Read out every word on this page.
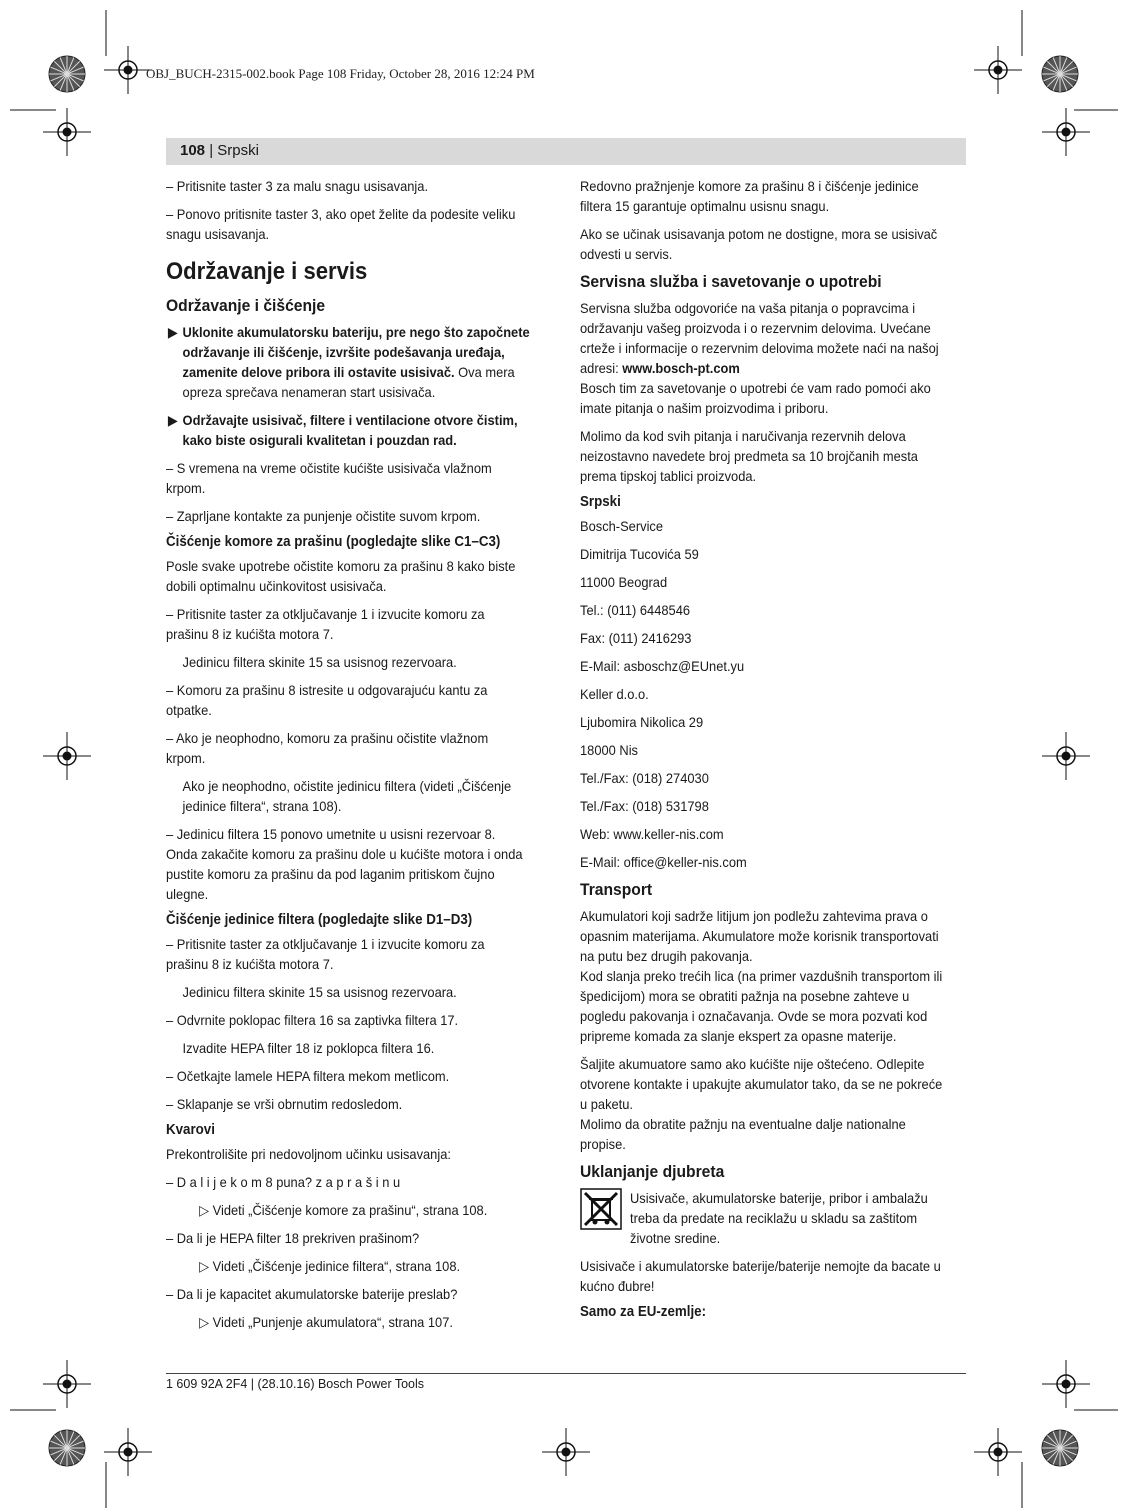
OBJ_BUCH-2315-002.book Page 108 Friday, October 28, 2016 12:24 PM
108 | Srpski
– Pritisnite taster 3 za malu snagu usisavanja.
– Ponovo pritisnite taster 3, ako opet želite da podesite veliku
snagu usisavanja.
Održavanje i servis
Održavanje i čišćenje
▶ Uklonite akumulatorsku bateriju, pre nego što započnete
održavanje ili čišćenje, izvršite podešavanja uređaja,
zamenite delove pribora ili ostavite usisivač. Ova mera
opreza sprečava nenameran start usisivača.
▶ Održavajte usisivač, filtere i ventilacione otvore čistim,
kako biste osigurali kvalitetan i pouzdan rad.
– S vremena na vreme očistite kućište usisivača vlažnom
krpom.
– Zaprljane kontakte za punjenje očistite suvom krpom.
Čišćenje komore za prašinu (pogledajte slike C1–C3)
Posle svake upotrebe očistite komoru za prašinu 8 kako biste
dobili optimalnu učinkovitost usisivača.
– Pritisnite taster za otključavanje 1 i izvucite komoru za
prašinu 8 iz kućišta motora 7.
Jedinicu filtera skinite 15 sa usisnog rezervoara.
– Komoru za prašinu 8 istresite u odgovarajuću kantu za
otpatke.
– Ako je neophodno, komoru za prašinu očistite vlažnom
krpom.
Ako je neophodno, očistite jedinicu filtera (videti „Čišćenje
jedinice filtera“, strana 108).
– Jedinicu filtera 15 ponovo umetnite u usisni rezervoar 8.
Onda zakačite komoru za prašinu dole u kućište motora i onda
pustite komoru za prašinu da pod laganim pritiskom čujno
ulegne.
Čišćenje jedinice filtera (pogledajte slike D1–D3)
– Pritisnite taster za otključavanje 1 i izvucite komoru za
prašinu 8 iz kućišta motora 7.
Jedinicu filtera skinite 15 sa usisnog rezervoara.
– Odvrnite poklopac filtera 16 sa zaptivka filtera 17.
Izvadite HEPA filter 18 iz poklopca filtera 16.
– Očetkajte lamele HEPA filtera mekom metlicom.
– Sklapanje se vrši obrnutim redosledom.
Kvarovi
Prekontrolišite pri nedovoljnom učinku usisavanja:
– D a l i j e k o m 8 puna? z a p r a š i n u
▷ Videti „Čišćenje komore za prašinu“, strana 108.
– Da li je HEPA filter 18 prekriven prašinom?
▷ Videti „Čišćenje jedinice filtera“, strana 108.
– Da li je kapacitet akumulatorske baterije preslab?
▷ Videti „Punjenje akumulatora“, strana 107.
Redovno pražnjenje komore za prašinu 8 i čišćenje jedinice
filtera 15 garantuje optimalnu usisnu snagu.
Ako se učinak usisavanja potom ne dostigne, mora se usisivač
odvesti u servis.
Servisna služba i savetovanje o upotrebi
Servisna služba odgovoriće na vaša pitanja o popravcima i
održavanju vašeg proizvoda i o rezervnim delovima. Uvećane
crteže i informacije o rezervnim delovima možete naći na našoj
adresi: www.bosch-pt.com
Bosch tim za savetovanje o upotrebi će vam rado pomoći ako
imate pitanja o našim proizvodima i priboru.
Molimo da kod svih pitanja i naručivanja rezervnih delova
neizostavno navedete broj predmeta sa 10 brojčanih mesta
prema tipskoj tablici proizvoda.
Srpski
Bosch-Service
Dimitrija Tucovića 59
11000 Beograd
Tel.: (011) 6448546
Fax: (011) 2416293
E-Mail: asboschz@EUnet.yu
Keller d.o.o.
Ljubomira Nikolica 29
18000 Nis
Tel./Fax: (018) 274030
Tel./Fax: (018) 531798
Web: www.keller-nis.com
E-Mail: office@keller-nis.com
Transport
Akumulatori koji sadrže litijum jon podležu zahtevima prava o
opasnim materijama. Akumulatore može korisnik transportovati
na putu bez drugih pakovanja.
Kod slanja preko trećih lica (na primer vazdušnih transportom ili
špedicijom) mora se obratiti pažnja na posebne zahteve u
pogledu pakovanja i označavanja. Ovde se mora pozvati kod
pripreme komada za slanje ekspert za opasne materije.
Šaljite akumuatore samo ako kućište nije oštećeno. Odlepite
otvorene kontakte i upakujte akumulator tako, da se ne pokreće
u paketu.
Molimo da obratite pažnju na eventualne dalje nationalne
propise.
Uklanjanje djubreta
Usisivače, akumulatorske baterije, pribor i ambalažu
treba da predate na reciklažu u skladu sa zaštitom
životne sredine.
Usisivače i akumulatorske baterije/baterije nemojte da bacate u
kućno đubre!
Samo za EU-zemlje:
1 609 92A 2F4 | (28.10.16) Bosch Power Tools
